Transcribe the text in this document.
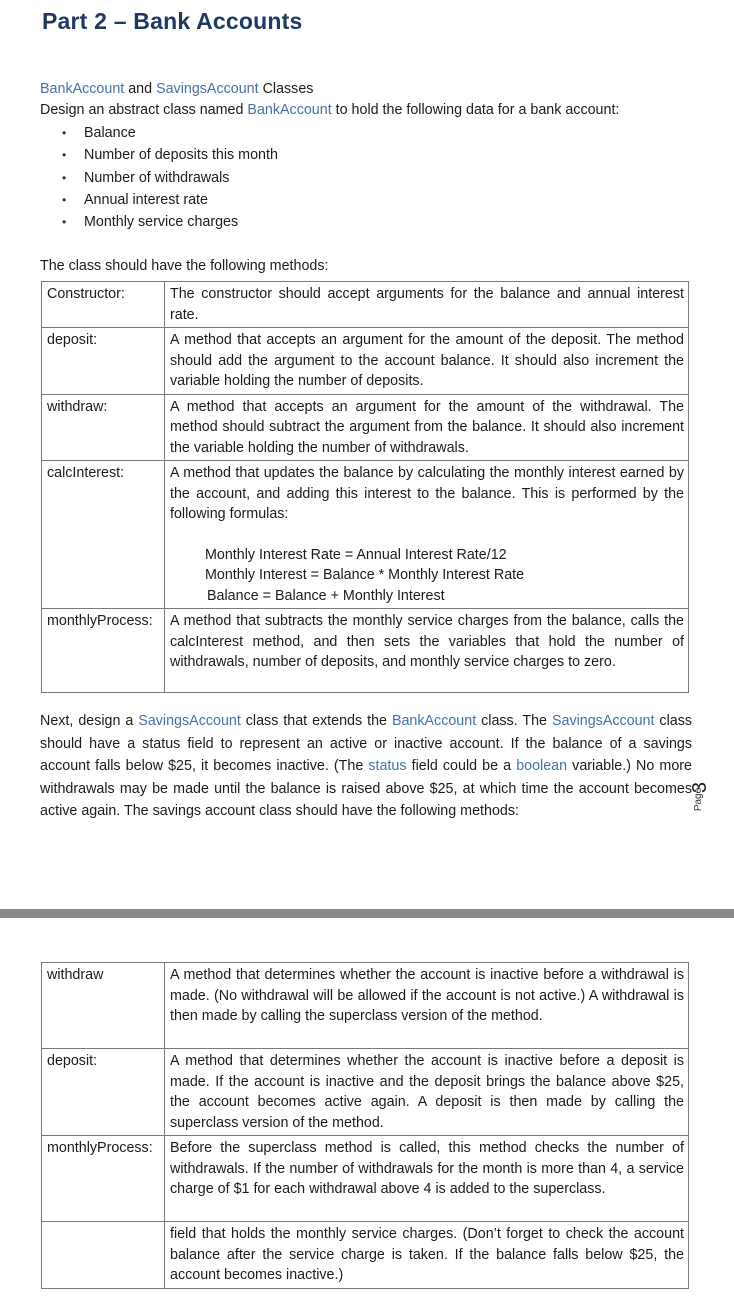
Part 2 – Bank Accounts
BankAccount and SavingsAccount Classes
Design an abstract class named BankAccount to hold the following data for a bank account:
• Balance
• Number of deposits this month
• Number of withdrawals
• Annual interest rate
• Monthly service charges
The class should have the following methods:
Constructor:	The constructor should accept arguments for the balance and annual interest rate.
deposit:	A method that accepts an argument for the amount of the deposit. The method should add the argument to the account balance. It should also increment the variable holding the number of deposits.
withdraw:	A method that accepts an argument for the amount of the withdrawal. The method should subtract the argument from the balance. It should also increment the variable holding the number of withdrawals.
calcInterest:	A method that updates the balance by calculating the monthly interest earned by the account, and adding this interest to the balance. This is performed by the following formulas:
Monthly Interest Rate = Annual Interest Rate/12
Monthly Interest = Balance * Monthly Interest Rate
Balance = Balance + Monthly Interest

monthlyProcess:	A method that subtracts the monthly service charges from the balance, calls the calcInterest method, and then sets the variables that hold the number of withdrawals, number of deposits, and monthly service charges to zero.
Next, design a SavingsAccount class that extends the BankAccount class. The SavingsAccount class should have a status field to represent an active or inactive account. If the balance of a savings account falls below $25, it becomes inactive. (The status field could be a boolean variable.) No more withdrawals may be made until the balance is raised above $25, at which time the account becomes active again. The savings account class should have the following methods:	Page
3
withdraw	A method that determines whether the account is inactive before a withdrawal is made. (No withdrawal will be allowed if the account is not active.) A withdrawal is then made by calling the superclass version of the method.
deposit:	A method that determines whether the account is inactive before a deposit is made. If the account is inactive and the deposit brings the balance above $25, the account becomes active again. A deposit is then made by calling the superclass version of the method.
monthlyProcess:	Before the superclass method is called, this method checks the number of withdrawals. If the number of withdrawals for the month is more than 4, a service charge of $1 for each withdrawal above 4 is added to the superclass.
	field that holds the monthly service charges. (Don’t forget to check the account balance after the service charge is taken. If the balance falls below $25, the account becomes inactive.)
